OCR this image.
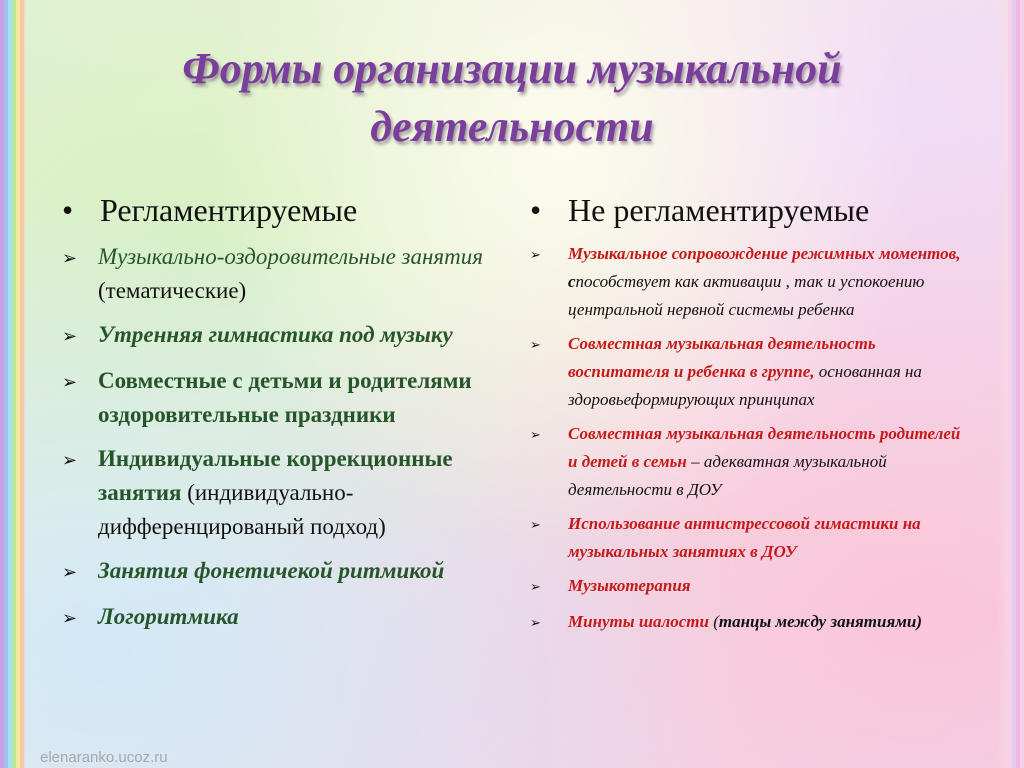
Формы организации музыкальной
деятельности
• Регламентируемые
➢ Музыкально-оздоровительные занятия (тематические)
➢ Утренняя гимнастика под музыку
➢ Совместные с детьми и родителями оздоровительные праздники
➢ Индивидуальные коррекционные занятия (индивидуально-дифференцированый подход)
➢ Занятия фонетичекой ритмикой
➢ Логоритмика
• Не регламентируемые
➢	Музыкальное сопровождение режимных моментов, способствует как активации , так и успокоению центральной нервной системы ребенка
➢	Совместная музыкальная деятельность воспитателя и ребенка в группе, основанная на здоровьеформирующих принципах
➢	Совместная музыкальная деятельность родителей и детей в семьн – адекватная музыкальной деятельности в ДОУ
➢	Использование антистрессовой гимастики на музыкальных занятиях в ДОУ
➢	Музыкотерапия
➢	Минуты шалости (танцы между занятиями)
elenaranko.ucoz.ru
